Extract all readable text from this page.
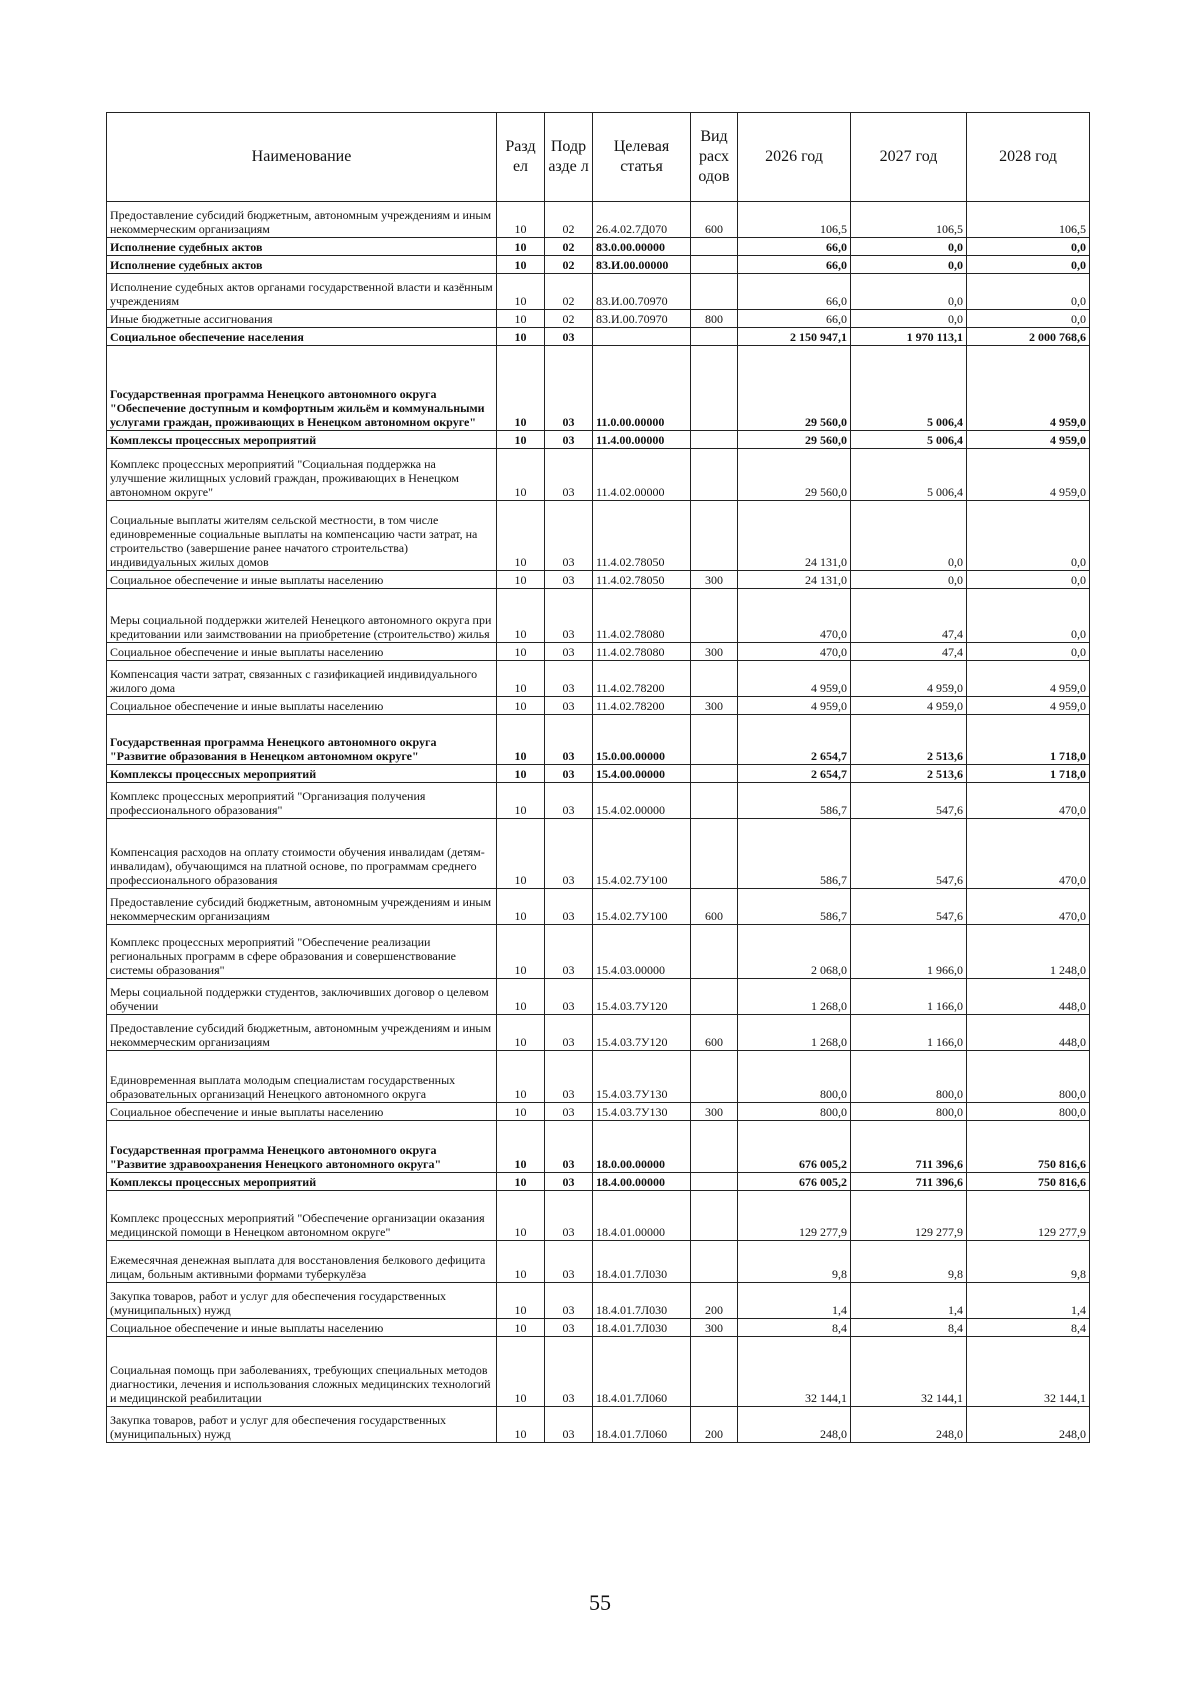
Наименование	Разд ел	Подр азде л	Целевая статья	Вид расх одов	2026 год	2027 год	2028 год
Предоставление субсидий бюджетным, автономным учреждениям и иным некоммерческим организациям	10	02	26.4.02.7Д070	600	106,5	106,5	106,5
Исполнение судебных актов	10	02	83.0.00.00000		66,0	0,0	0,0
Исполнение судебных актов	10	02	83.И.00.00000		66,0	0,0	0,0
Исполнение судебных актов органами государственной власти и казённым учреждениям	10	02	83.И.00.70970		66,0	0,0	0,0
Иные бюджетные ассигнования	10	02	83.И.00.70970	800	66,0	0,0	0,0
Социальное обеспечение населения	10	03			2 150 947,1	1 970 113,1	2 000 768,6
Государственная программа Ненецкого автономного округа "Обеспечение доступным и комфортным жильём и коммунальными услугами граждан, проживающих в Ненецком автономном округе"	10	03	11.0.00.00000		29 560,0	5 006,4	4 959,0
Комплексы процессных мероприятий	10	03	11.4.00.00000		29 560,0	5 006,4	4 959,0
Комплекс процессных мероприятий "Социальная поддержка на улучшение жилищных условий граждан, проживающих в Ненецком автономном округе"	10	03	11.4.02.00000		29 560,0	5 006,4	4 959,0
Социальные выплаты жителям сельской местности, в том числе единовременные социальные выплаты на компенсацию части затрат, на строительство (завершение ранее начатого строительства) индивидуальных жилых домов	10	03	11.4.02.78050		24 131,0	0,0	0,0
Социальное обеспечение и иные выплаты населению	10	03	11.4.02.78050	300	24 131,0	0,0	0,0
Меры социальной поддержки жителей Ненецкого автономного округа при кредитовании или заимствовании на приобретение (строительство) жилья	10	03	11.4.02.78080		470,0	47,4	0,0
Социальное обеспечение и иные выплаты населению	10	03	11.4.02.78080	300	470,0	47,4	0,0
Компенсация части затрат, связанных с газификацией индивидуального жилого дома	10	03	11.4.02.78200		4 959,0	4 959,0	4 959,0
Социальное обеспечение и иные выплаты населению	10	03	11.4.02.78200	300	4 959,0	4 959,0	4 959,0
Государственная программа Ненецкого автономного округа "Развитие образования в Ненецком автономном округе"	10	03	15.0.00.00000		2 654,7	2 513,6	1 718,0
Комплексы процессных мероприятий	10	03	15.4.00.00000		2 654,7	2 513,6	1 718,0
Комплекс процессных мероприятий "Организация получения профессионального образования"	10	03	15.4.02.00000		586,7	547,6	470,0
Компенсация расходов на оплату стоимости обучения инвалидам (детям-инвалидам), обучающимся на платной основе, по программам среднего профессионального образования	10	03	15.4.02.7У100		586,7	547,6	470,0
Предоставление субсидий бюджетным, автономным учреждениям и иным некоммерческим организациям	10	03	15.4.02.7У100	600	586,7	547,6	470,0
Комплекс процессных мероприятий "Обеспечение реализации региональных программ в сфере образования и совершенствование системы образования"	10	03	15.4.03.00000		2 068,0	1 966,0	1 248,0
Меры социальной поддержки студентов, заключивших договор о целевом обучении	10	03	15.4.03.7У120		1 268,0	1 166,0	448,0
Предоставление субсидий бюджетным, автономным учреждениям и иным некоммерческим организациям	10	03	15.4.03.7У120	600	1 268,0	1 166,0	448,0
Единовременная выплата молодым специалистам государственных образовательных организаций Ненецкого автономного округа	10	03	15.4.03.7У130		800,0	800,0	800,0
Социальное обеспечение и иные выплаты населению	10	03	15.4.03.7У130	300	800,0	800,0	800,0
Государственная программа Ненецкого автономного округа "Развитие здравоохранения Ненецкого автономного округа"	10	03	18.0.00.00000		676 005,2	711 396,6	750 816,6
Комплексы процессных мероприятий	10	03	18.4.00.00000		676 005,2	711 396,6	750 816,6
Комплекс процессных мероприятий "Обеспечение организации оказания медицинской помощи в Ненецком автономном округе"	10	03	18.4.01.00000		129 277,9	129 277,9	129 277,9
Ежемесячная денежная выплата для восстановления белкового дефицита лицам, больным активными формами туберкулёза	10	03	18.4.01.7Л030		9,8	9,8	9,8
Закупка товаров, работ и услуг для обеспечения государственных (муниципальных) нужд	10	03	18.4.01.7Л030	200	1,4	1,4	1,4
Социальное обеспечение и иные выплаты населению	10	03	18.4.01.7Л030	300	8,4	8,4	8,4
Социальная помощь при заболеваниях, требующих специальных методов диагностики, лечения и использования сложных медицинских технологий и медицинской реабилитации	10	03	18.4.01.7Л060		32 144,1	32 144,1	32 144,1
Закупка товаров, работ и услуг для обеспечения государственных (муниципальных) нужд	10	03	18.4.01.7Л060	200	248,0	248,0	248,0
55
